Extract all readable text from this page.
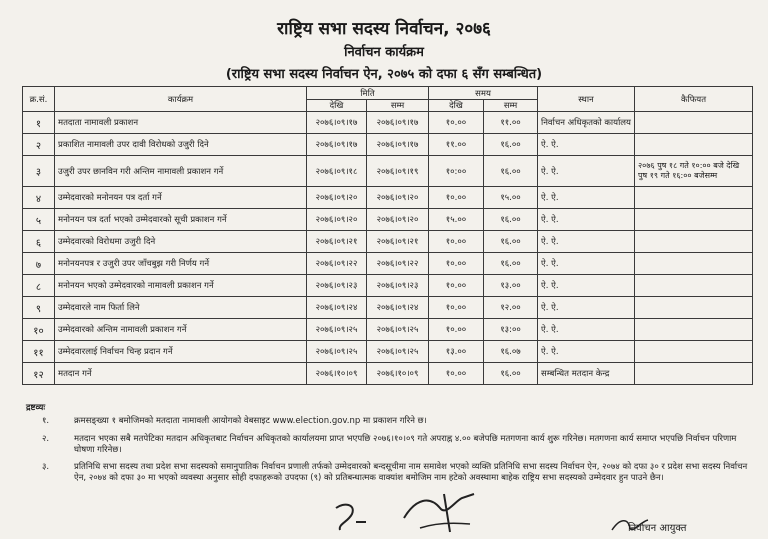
राष्ट्रिय सभा सदस्य निर्वाचन, २०७६
निर्वाचन कार्यक्रम
(राष्ट्रिय सभा सदस्य निर्वाचन ऐन, २०७५ को दफा ६ सँग सम्बन्धित)
क्र.सं.	कार्यक्रम	मिति		समय		स्थान	कैफियत
		देखि	सम्म	देखि	सम्म		
१	मतदाता नामावली प्रकाशन	२०७६।०९।१७	२०७६।०९।१७	१०.००	११.००	निर्वाचन अधिकृतको कार्यालय	
२	प्रकाशित नामावली उपर दावी विरोधको उजुरी दिने	२०७६।०९।१७	२०७६।०९।१७	११.००	१६.००	ऐ. ऐ.	
३	उजुरी उपर छानविन गरी अन्तिम नामावली प्रकाशन गर्ने	२०७६।०९।१८	२०७६।०९।१९	१०:००	१६.००	ऐ. ऐ.	२०७६ पुष १८ गते १०:०० बजे देखि पुष १९ गते १६:०० बजेसम्म
४	उम्मेदवारको मनोनयन पत्र दर्ता गर्ने	२०७६।०९।२०	२०७६।०९।२०	१०.००	१५.००	ऐ. ऐ.	
५	मनोनयन पत्र दर्ता भएको उम्मेदवारको सूची प्रकाशन गर्ने	२०७६।०९।२०	२०७६।०९।२०	१५.००	१६.००	ऐ. ऐ.	
६	उम्मेदवारको विरोधमा उजुरी दिने	२०७६।०९।२१	२०७६।०९।२१	१०.००	१६.००	ऐ. ऐ.	
७	मनोनयनपत्र र उजुरी उपर जाँचबुझ गरी निर्णय गर्ने	२०७६।०९।२२	२०७६।०९।२२	१०.००	१६.००	ऐ. ऐ.	
८	मनोनयन भएको उम्मेदवारको नामावली प्रकाशन गर्ने	२०७६।०९।२३	२०७६।०९।२३	१०.००	१३.००	ऐ. ऐ.	
९	उम्मेदवारले नाम फिर्ता लिने	२०७६।०९।२४	२०७६।०९।२४	१०.००	१२.००	ऐ. ऐ.	
१०	उम्मेदवारको अन्तिम नामावली प्रकाशन गर्ने	२०७६।०९।२५	२०७६।०९।२५	१०.००	१३:००	ऐ. ऐ.	
११	उम्मेदवारलाई निर्वाचन चिन्ह प्रदान गर्ने	२०७६।०९।२५	२०७६।०९।२५	१३.००	१६.०७	ऐ. ऐ.	
१२	मतदान गर्ने	२०७६।१०।०९	२०७६।१०।०९	१०.००	१६.००	सम्बन्धित मतदान केन्द्र	
द्रष्टव्यः
१.	क्रमसङ्ख्या १ बमोजिमको मतदाता नामावली आयोगको वेबसाइट www.election.gov.np मा प्रकाशन गरिने छ।
२.	मतदान भएका सबै मतपेटिका मतदान अधिकृतबाट निर्वाचन अधिकृतको कार्यालयमा प्राप्त भएपछि २०७६।१०।०९ गते अपराह्न ४.०० बजेपछि मतगणना कार्य शुरू गरिनेछ। मतगणना कार्य समाप्त भएपछि निर्वाचन परिणाम घोषणा गरिनेछ।
३.	प्रतिनिधि सभा सदस्य तथा प्रदेश सभा सदस्यको समानुपातिक निर्वाचन प्रणाली तर्फको उम्मेदवारको बन्दसूचीमा नाम समावेश भएको व्यक्ति प्रतिनिधि सभा सदस्य निर्वाचन ऐन, २०७४ को दफा ३० र प्रदेश सभा सदस्य निर्वाचन ऐन, २०७४ को दफा ३० मा भएको व्यवस्था अनुसार सोही दफाहरूको उपदफा (९) को प्रतिबन्धात्मक वाक्यांश बमोजिम नाम हटेको अवस्थामा बाहेक राष्ट्रिय सभा सदस्यको उम्मेदवार हुन पाउने छैन।
निर्वाचन आयुक्त
